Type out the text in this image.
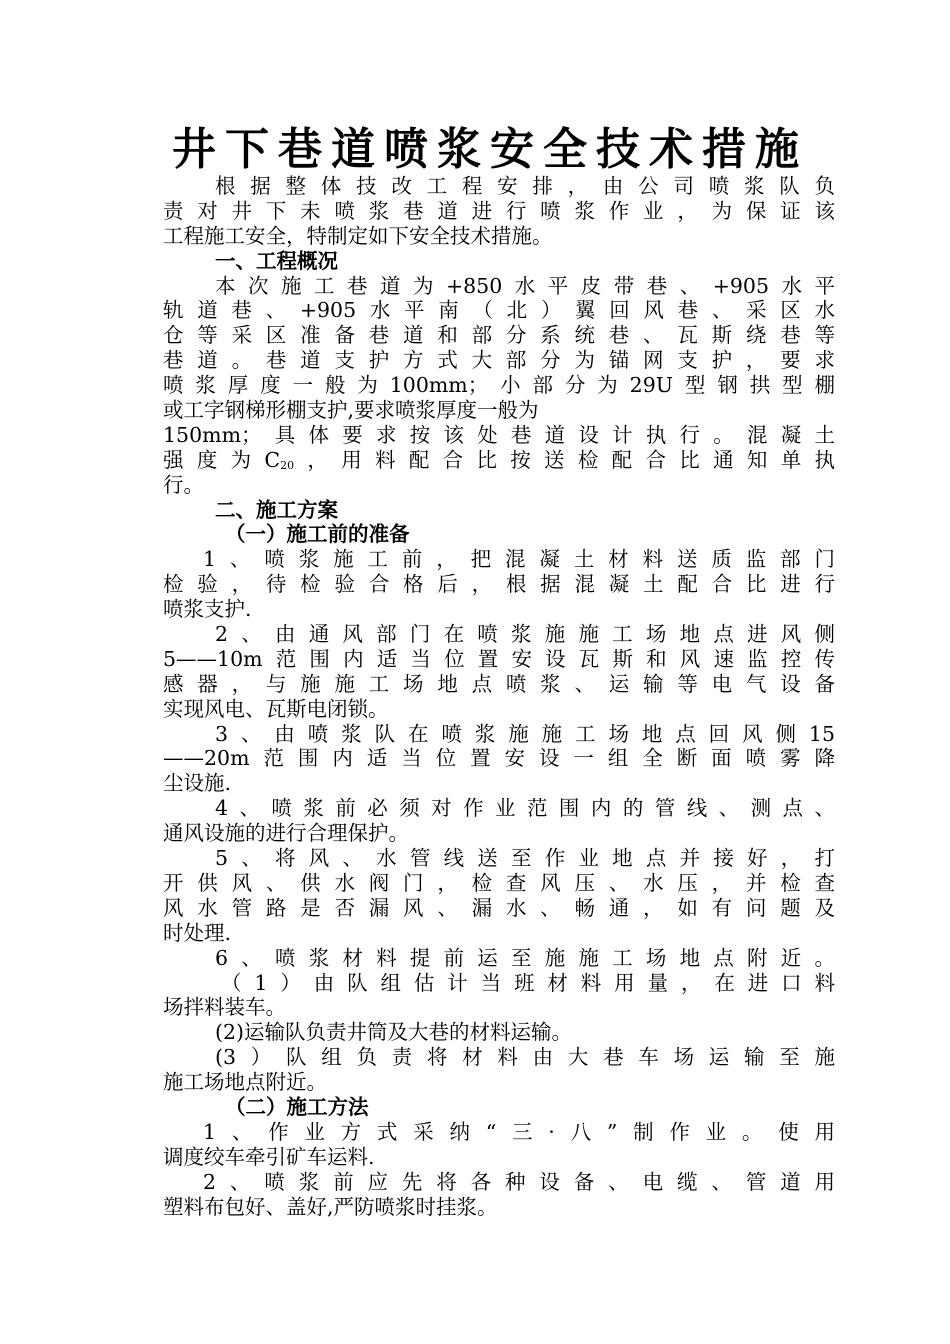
井下巷道喷浆安全技术措施
根据整体技改工程安排，由公司喷浆队负
责对井下未喷浆巷道进行喷浆作业，为保证该
工程施工安全，特制定如下安全技术措施。
一、工程概况
本次施工巷道为+850水平皮带巷、+905水平
轨道巷、+905水平南（北）翼回风巷、采区水
仓等采区准备巷道和部分系统巷、瓦斯绕巷等
巷道。巷道支护方式大部分为锚网支护，要求
喷浆厚度一般为100mm；小部分为29U型钢拱型棚
或工字钢梯形棚支护,要求喷浆厚度一般为
150mm；具体要求按该处巷道设计执行。混凝土
强度为$C_{20}$，用料配合比按送检配合比通知单执
行。
二、施工方案
（一）施工前的准备
1、喷浆施工前，把混凝土材料送质监部门
检验，待检验合格后，根据混凝土配合比进行
喷浆支护.
2、由通风部门在喷浆施施工场地点进风侧
5——10m范围内适当位置安设瓦斯和风速监控传
感器，与施施工场地点喷浆、运输等电气设备
实现风电、瓦斯电闭锁。
3、由喷浆队在喷浆施施工场地点回风侧15
——20m范围内适当位置安设一组全断面喷雾降
尘设施.
4、喷浆前必须对作业范围内的管线、测点、
通风设施的进行合理保护。
5、将风、水管线送至作业地点并接好，打
开供风、供水阀门，检查风压、水压，并检查
风水管路是否漏风、漏水、畅通，如有问题及
时处理.
6、喷浆材料提前运至施施工场地点附近。
（1）由队组估计当班材料用量，在进口料
场拌料装车。
(2)运输队负责井筒及大巷的材料运输。
(3）队组负责将材料由大巷车场运输至施
施工场地点附近。
（二）施工方法
1、作业方式采纳“三·八”制作业。使用
调度绞车牵引矿车运料.
2、喷浆前应先将各种设备、电缆、管道用
塑料布包好、盖好,严防喷浆时挂浆。
